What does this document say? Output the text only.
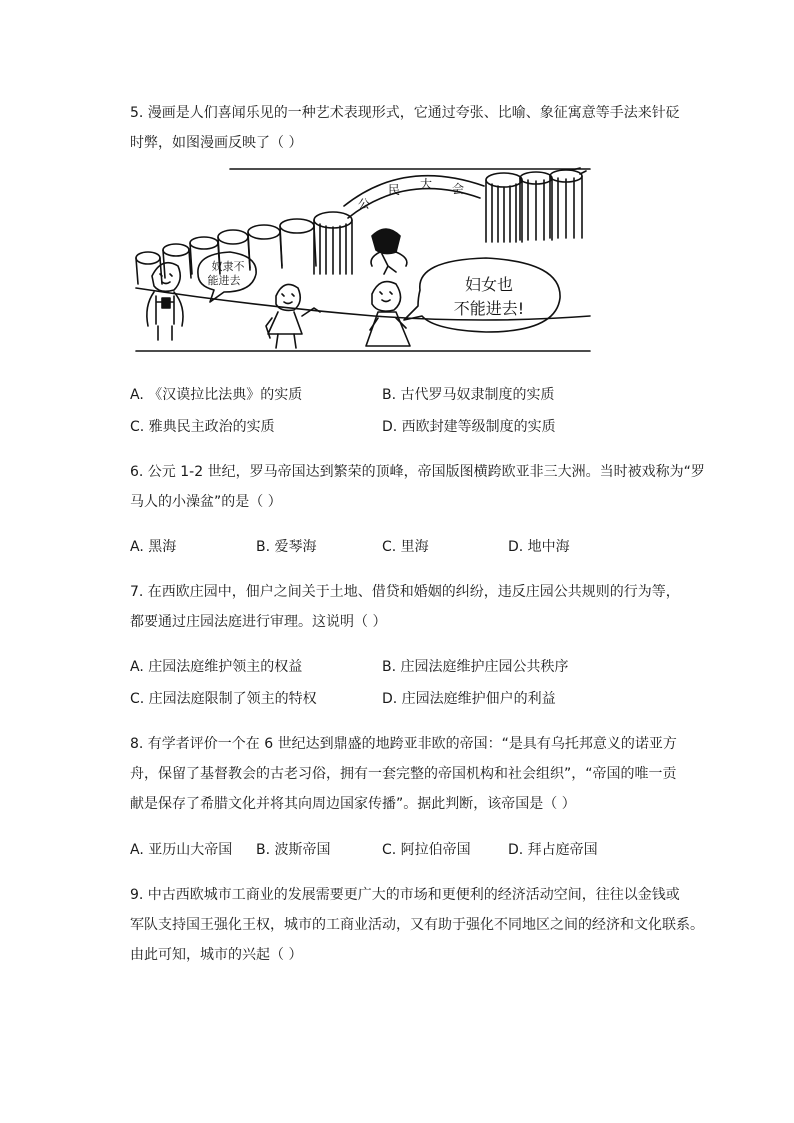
5. 漫画是人们喜闻乐见的一种艺术表现形式，它通过夸张、比喻、象征寓意等手法来针砭
时弊，如图漫画反映了（ ）
公
民 大 会
奴隶不
能进去	妇女也
不能进去!
A. 《汉谟拉比法典》的实质	B. 古代罗马奴隶制度的实质
C. 雅典民主政治的实质	D. 西欧封建等级制度的实质
6. 公元 1-2 世纪，罗马帝国达到繁荣的顶峰，帝国版图横跨欧亚非三大洲。当时被戏称为“罗
马人的小澡盆”的是（ ）
A. 黑海	B. 爱琴海	C. 里海	D. 地中海
7. 在西欧庄园中，佃户之间关于土地、借贷和婚姻的纠纷，违反庄园公共规则的行为等，
都要通过庄园法庭进行审理。这说明（ ）
A. 庄园法庭维护领主的权益	B. 庄园法庭维护庄园公共秩序
C. 庄园法庭限制了领主的特权	D. 庄园法庭维护佃户的利益
8. 有学者评价一个在 6 世纪达到鼎盛的地跨亚非欧的帝国：“是具有乌托邦意义的诺亚方
舟，保留了基督教会的古老习俗，拥有一套完整的帝国机构和社会组织”，“帝国的唯一贡
献是保存了希腊文化并将其向周边国家传播”。据此判断，该帝国是（ ）
A. 亚历山大帝国 B. 波斯帝国	C. 阿拉伯帝国	D. 拜占庭帝国
9. 中古西欧城市工商业的发展需要更广大的市场和更便利的经济活动空间，往往以金钱或
军队支持国王强化王权，城市的工商业活动，又有助于强化不同地区之间的经济和文化联系。
由此可知，城市的兴起（ ）
